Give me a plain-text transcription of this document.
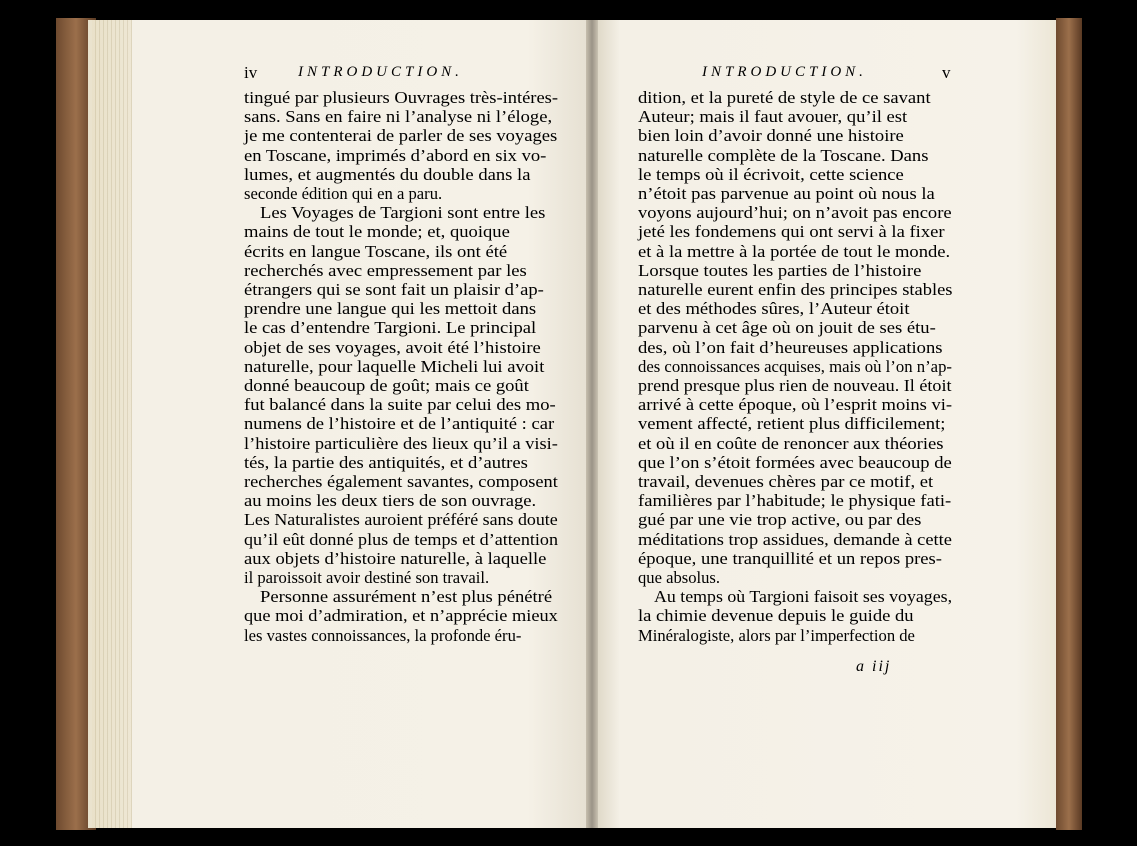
iv	INTRODUCTION.	INTRODUCTION.	v
tingué par plusieurs Ouvrages très-intéres-
sans. Sans en faire ni l’analyse ni l’éloge,
je me contenterai de parler de ses voyages
en Toscane, imprimés d’abord en six vo-
lumes, et augmentés du double dans la
seconde édition qui en a paru.
Les Voyages de Targioni sont entre les
mains de tout le monde; et, quoique
écrits en langue Toscane, ils ont été
recherchés avec empressement par les
étrangers qui se sont fait un plaisir d’ap-
prendre une langue qui les mettoit dans
le cas d’entendre Targioni. Le principal
objet de ses voyages, avoit été l’histoire
naturelle, pour laquelle Micheli lui avoit
donné beaucoup de goût; mais ce goût
fut balancé dans la suite par celui des mo-
numens de l’histoire et de l’antiquité : car
l’histoire particulière des lieux qu’il a visi-
tés, la partie des antiquités, et d’autres
recherches également savantes, composent
au moins les deux tiers de son ouvrage.
Les Naturalistes auroient préféré sans doute
qu’il eût donné plus de temps et d’attention
aux objets d’histoire naturelle, à laquelle
il paroissoit avoir destiné son travail.
Personne assurément n’est plus pénétré
que moi d’admiration, et n’apprécie mieux
les vastes connoissances, la profonde éru-
dition, et la pureté de style de ce savant
Auteur; mais il faut avouer, qu’il est
bien loin d’avoir donné une histoire
naturelle complète de la Toscane. Dans
le temps où il écrivoit, cette science
n’étoit pas parvenue au point où nous la
voyons aujourd’hui; on n’avoit pas encore
jeté les fondemens qui ont servi à la fixer
et à la mettre à la portée de tout le monde.
Lorsque toutes les parties de l’histoire
naturelle eurent enfin des principes stables
et des méthodes sûres, l’Auteur étoit
parvenu à cet âge où on jouit de ses étu-
des, où l’on fait d’heureuses applications
des connoissances acquises, mais où l’on n’ap-
prend presque plus rien de nouveau. Il étoit
arrivé à cette époque, où l’esprit moins vi-
vement affecté, retient plus difficilement;
et où il en coûte de renoncer aux théories
que l’on s’étoit formées avec beaucoup de
travail, devenues chères par ce motif, et
familières par l’habitude; le physique fati-
gué par une vie trop active, ou par des
méditations trop assidues, demande à cette
époque, une tranquillité et un repos pres-
que absolus.
Au temps où Targioni faisoit ses voyages,
la chimie devenue depuis le guide du
Minéralogiste, alors par l’imperfection de
a iij
